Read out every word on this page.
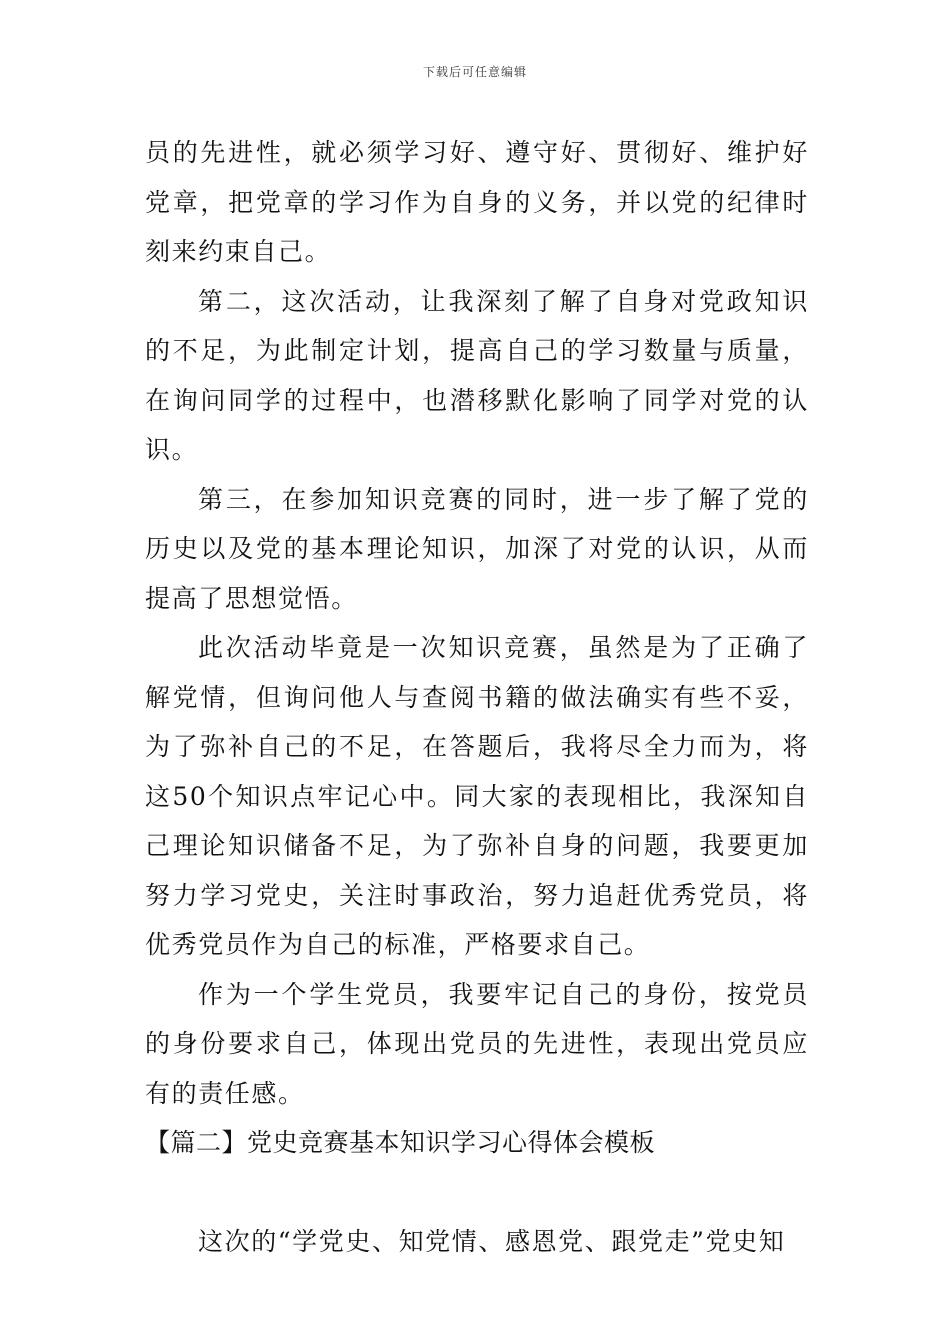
下载后可任意编辑

员的先进性，就必须学习好、遵守好、贯彻好、维护好党章，把党章的学习作为自身的义务，并以党的纪律时刻来约束自己。

第二，这次活动，让我深刻了解了自身对党政知识的不足，为此制定计划，提高自己的学习数量与质量，在询问同学的过程中，也潜移默化影响了同学对党的认识。

第三，在参加知识竞赛的同时，进一步了解了党的历史以及党的基本理论知识，加深了对党的认识，从而提高了思想觉悟。

此次活动毕竟是一次知识竞赛，虽然是为了正确了解党情，但询问他人与查阅书籍的做法确实有些不妥，为了弥补自己的不足，在答题后，我将尽全力而为，将这50个知识点牢记心中。同大家的表现相比，我深知自己理论知识储备不足，为了弥补自身的问题，我要更加努力学习党史，关注时事政治，努力追赶优秀党员，将优秀党员作为自己的标准，严格要求自己。

作为一个学生党员，我要牢记自己的身份，按党员的身份要求自己，体现出党员的先进性，表现出党员应有的责任感。

【篇二】党史竞赛基本知识学习心得体会模板

这次的“学党史、知党情、感恩党、跟党走”党史知
